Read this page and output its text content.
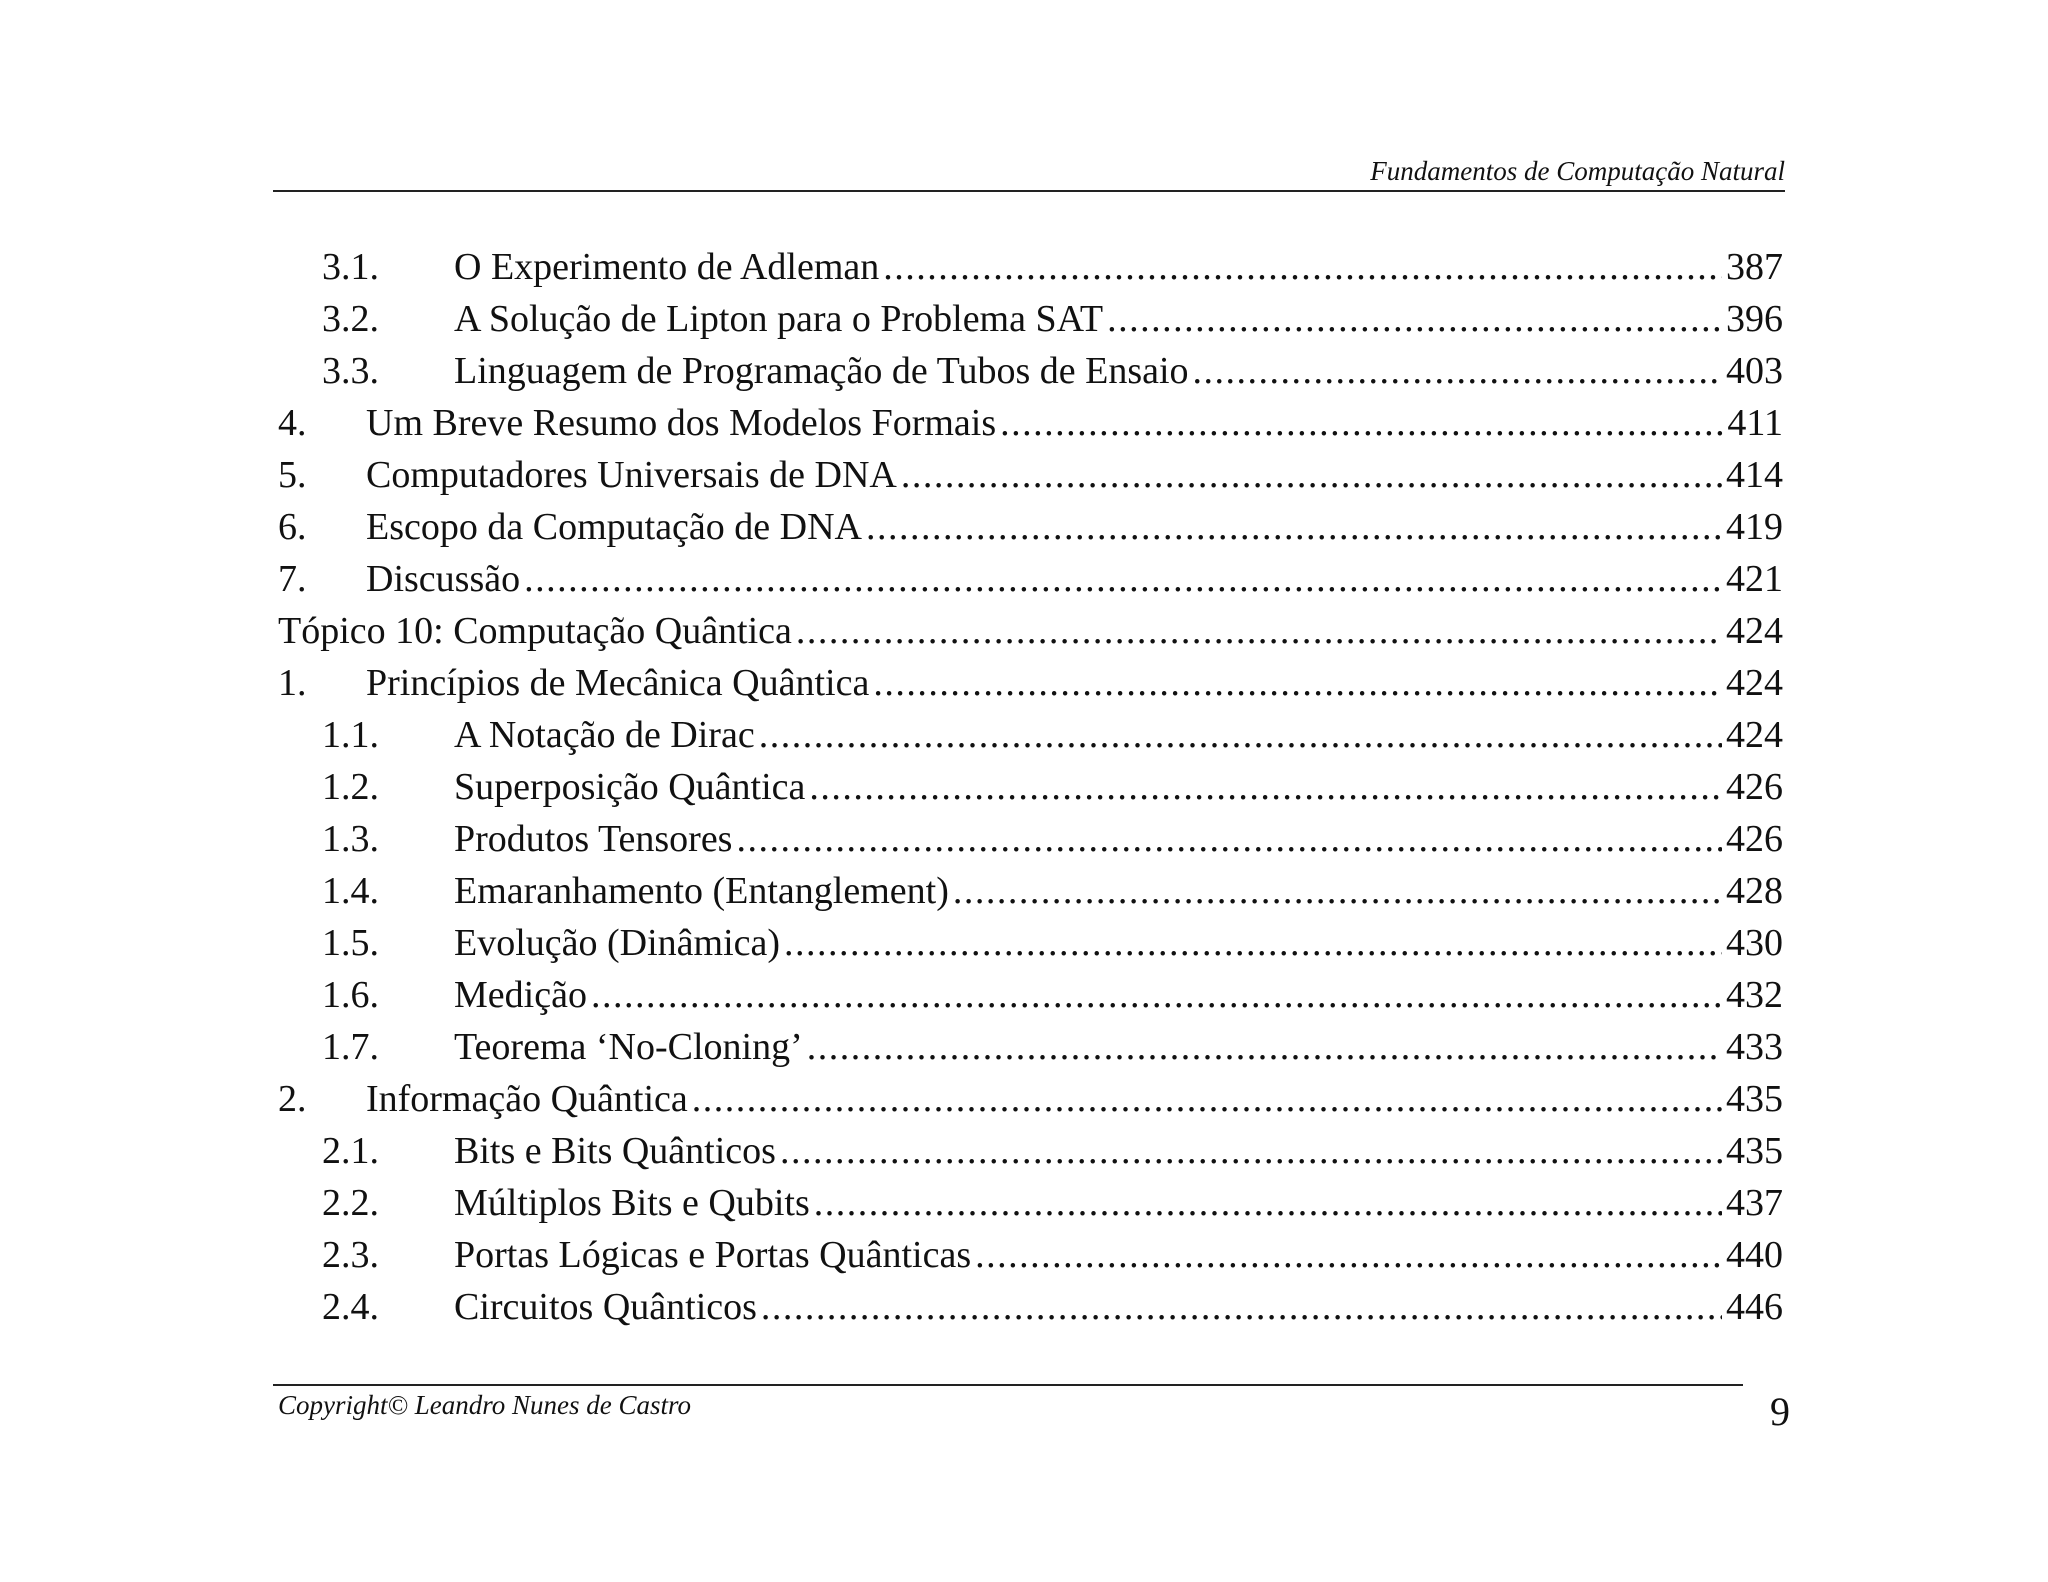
Fundamentos de Computação Natural
3.1.	O Experimento de Adleman . . .	387
3.2.	A Solução de Lipton para o Problema SAT . . .	396
3.3.	Linguagem de Programação de Tubos de Ensaio . . .	403
4.	Um Breve Resumo dos Modelos Formais . . .	411
5.	Computadores Universais de DNA . . .	414
6.	Escopo da Computação de DNA . . .	419
7.	Discussão . . .	421
Tópico 10: Computação Quântica . . .	424
1.	Princípios de Mecânica Quântica . . .	424
1.1.	A Notação de Dirac . . .	424
1.2.	Superposição Quântica . . .	426
1.3.	Produtos Tensores . . .	426
1.4.	Emaranhamento (Entanglement) . . .	428
1.5.	Evolução (Dinâmica) . . .	430
1.6.	Medição . . .	432
1.7.	Teorema ‘No-Cloning’ . . .	433
2.	Informação Quântica . . .	435
2.1.	Bits e Bits Quânticos . . .	435
2.2.	Múltiplos Bits e Qubits . . .	437
2.3.	Portas Lógicas e Portas Quânticas . . .	440
2.4.	Circuitos Quânticos . . .	446
Copyright© Leandro Nunes de Castro	9
